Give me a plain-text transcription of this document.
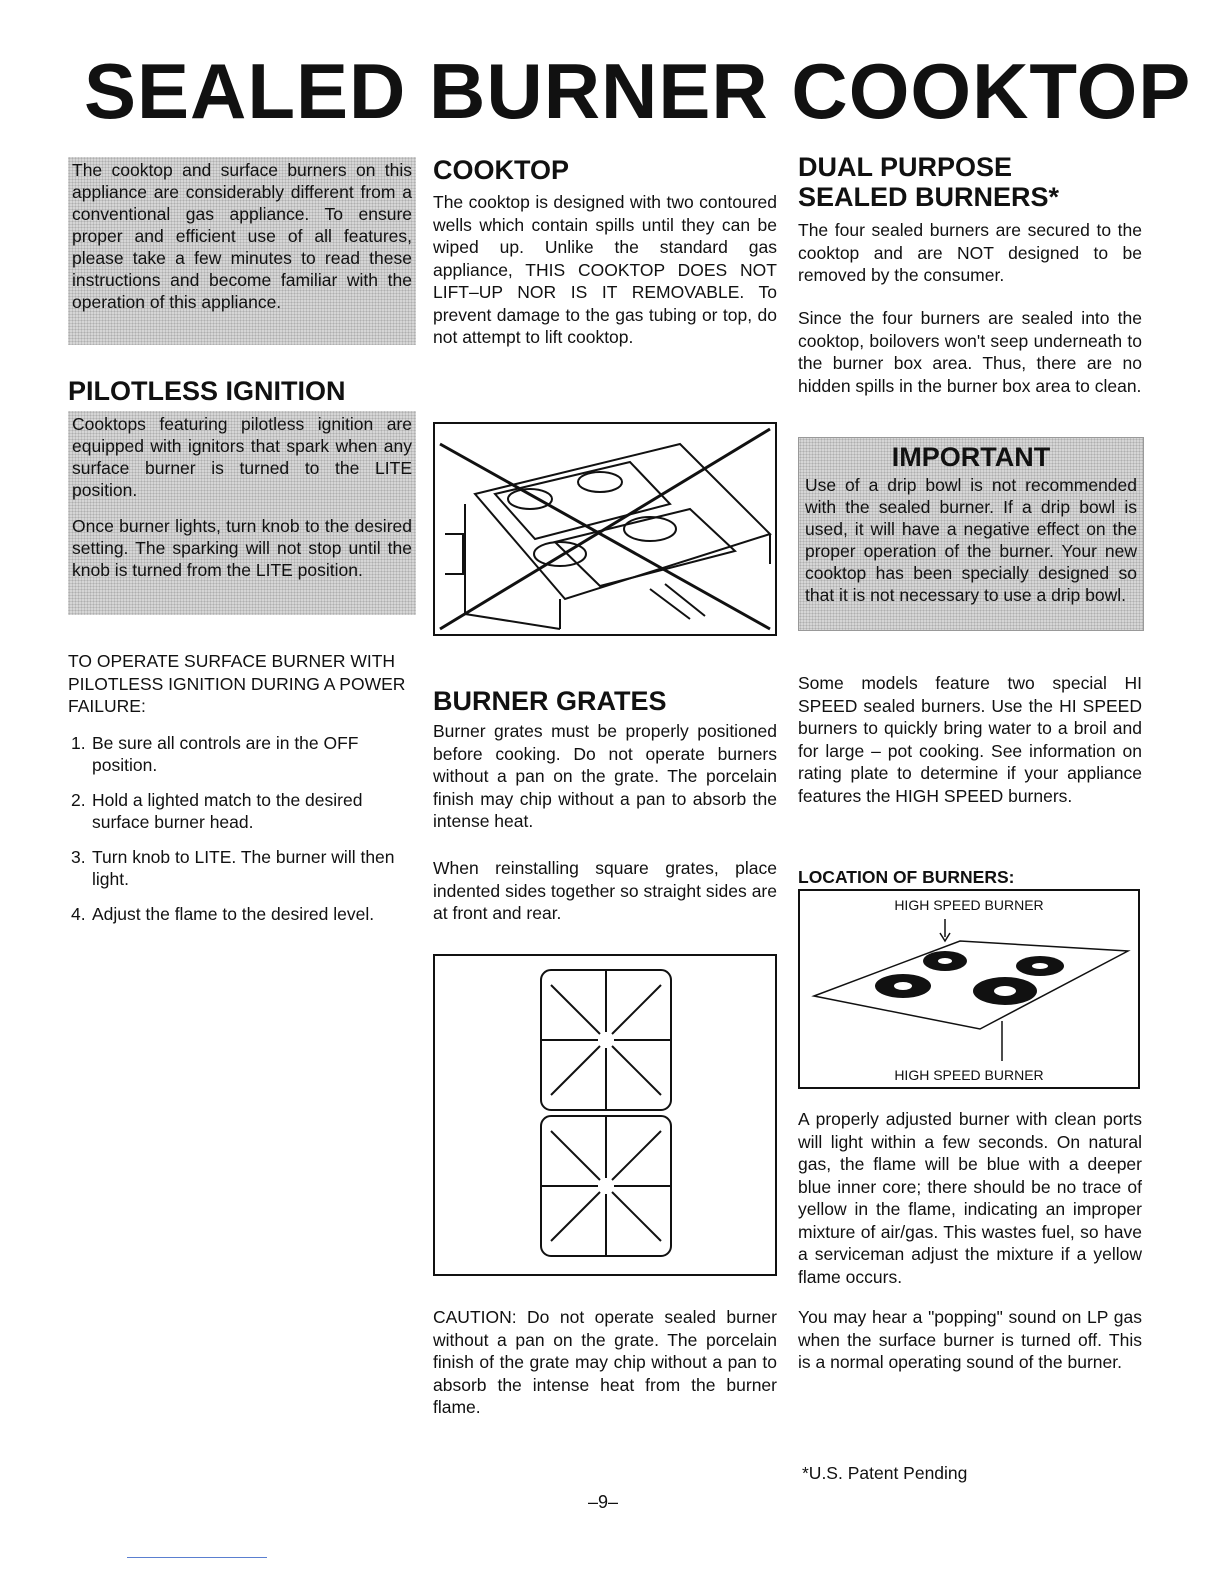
SEALED BURNER COOKTOP

The cooktop and surface burners on this appliance are considerably different from a conventional gas appliance. To ensure proper and efficient use of all features, please take a few minutes to read these instructions and become familiar with the operation of this appliance.

PILOTLESS IGNITION

Cooktops featuring pilotless ignition are equipped with ignitors that spark when any surface burner is turned to the LITE position.

Once burner lights, turn knob to the desired setting. The sparking will not stop until the knob is turned from the LITE position.

TO OPERATE SURFACE BURNER WITH PILOTLESS IGNITION DURING A POWER FAILURE:

1. Be sure all controls are in the OFF position.
2. Hold a lighted match to the desired surface burner head.
3. Turn knob to LITE. The burner will then light.
4. Adjust the flame to the desired level.
COOKTOP

The cooktop is designed with two contoured wells which contain spills until they can be wiped up. Unlike the standard gas appliance, THIS COOKTOP DOES NOT LIFT–UP NOR IS IT REMOVABLE. To prevent damage to the gas tubing or top, do not attempt to lift cooktop.

BURNER GRATES

Burner grates must be properly positioned before cooking. Do not operate burners without a pan on the grate. The porcelain finish may chip without a pan to absorb the intense heat.

When reinstalling square grates, place indented sides together so straight sides are at front and rear.

CAUTION: Do not operate sealed burner without a pan on the grate. The porcelain finish of the grate may chip without a pan to absorb the intense heat from the burner flame.

DUAL PURPOSE
SEALED BURNERS*

The four sealed burners are secured to the cooktop and are NOT designed to be removed by the consumer.

Since the four burners are sealed into the cooktop, boilovers won't seep underneath to the burner box area. Thus, there are no hidden spills in the burner box area to clean.

IMPORTANT

Use of a drip bowl is not recommended with the sealed burner. If a drip bowl is used, it will have a negative effect on the proper operation of the burner. Your new cooktop has been specially designed so that it is not necessary to use a drip bowl.

Some models feature two special HI SPEED sealed burners. Use the HI SPEED burners to quickly bring water to a broil and for large – pot cooking. See information on rating plate to determine if your appliance features the HIGH SPEED burners.

LOCATION OF BURNERS:
HIGH SPEED BURNER
HIGH SPEED BURNER

A properly adjusted burner with clean ports will light within a few seconds. On natural gas, the flame will be blue with a deeper blue inner core; there should be no trace of yellow in the flame, indicating an improper mixture of air/gas. This wastes fuel, so have a serviceman adjust the mixture if a yellow flame occurs.

You may hear a "popping" sound on LP gas when the surface burner is turned off. This is a normal operating sound of the burner.

*U.S. Patent Pending
–9–
